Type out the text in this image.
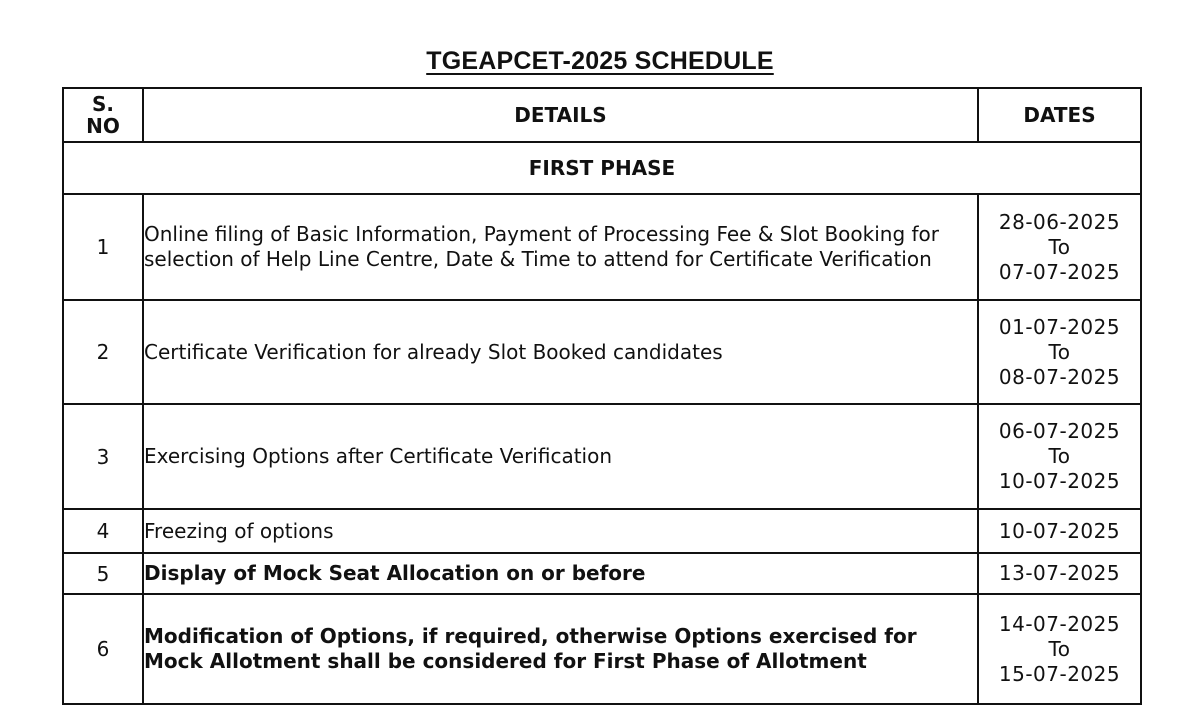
TGEAPCET-2025 SCHEDULE
S.
NO	DETAILS	DATES
FIRST PHASE		
1	Online filing of Basic Information, Payment of Processing Fee & Slot Booking for selection of Help Line Centre, Date & Time to attend for Certificate Verification	28-06-2025
To
07-07-2025

2	Certificate Verification for already Slot Booked candidates	01-07-2025
To
08-07-2025

3	Exercising Options after Certificate Verification	06-07-2025
To
10-07-2025

4	Freezing of options	10-07-2025

5	Display of Mock Seat Allocation on or before	13-07-2025

6	Modification of Options, if required, otherwise Options exercised for Mock Allotment shall be considered for First Phase of Allotment	14-07-2025
To
15-07-2025
